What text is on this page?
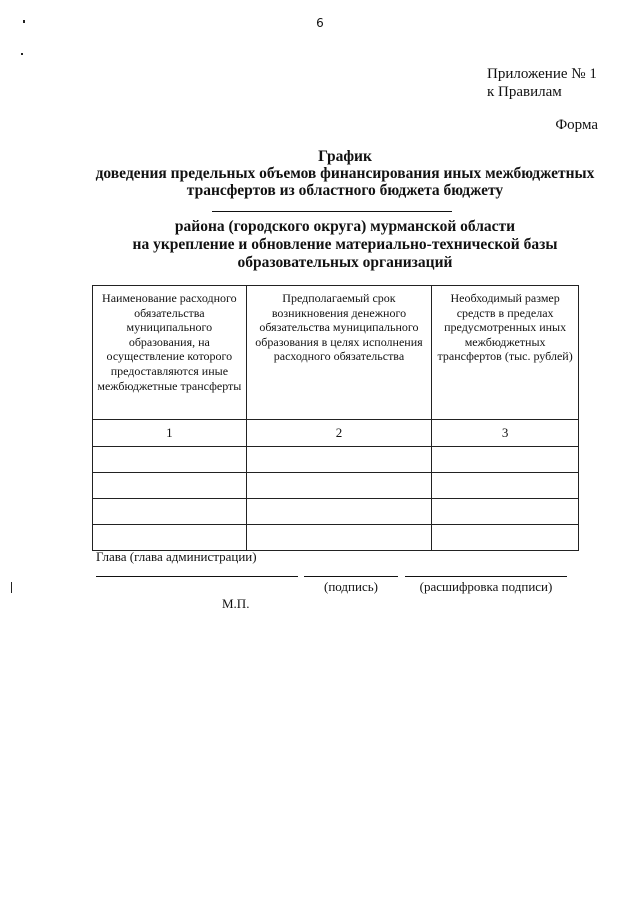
6
Приложение № 1
к Правилам
Форма
График
доведения предельных объемов финансирования иных межбюджетных
трансфертов из областного бюджета бюджету
района (городского округа) мурманской области
на укрепление и обновление материально-технической базы
образовательных организаций
Наименование расходного обязательства муниципального образования, на осуществление которого предоставляются иные межбюджетные трансферты	Предполагаемый срок возникновения денежного обязательства муниципального образования в целях исполнения расходного обязательства	Необходимый размер средств в пределах предусмотренных иных межбюджетных трансфертов (тыс. рублей)
1	2	3

Глава (глава администрации)
(подпись)	(расшифровка подписи)
М.П.
